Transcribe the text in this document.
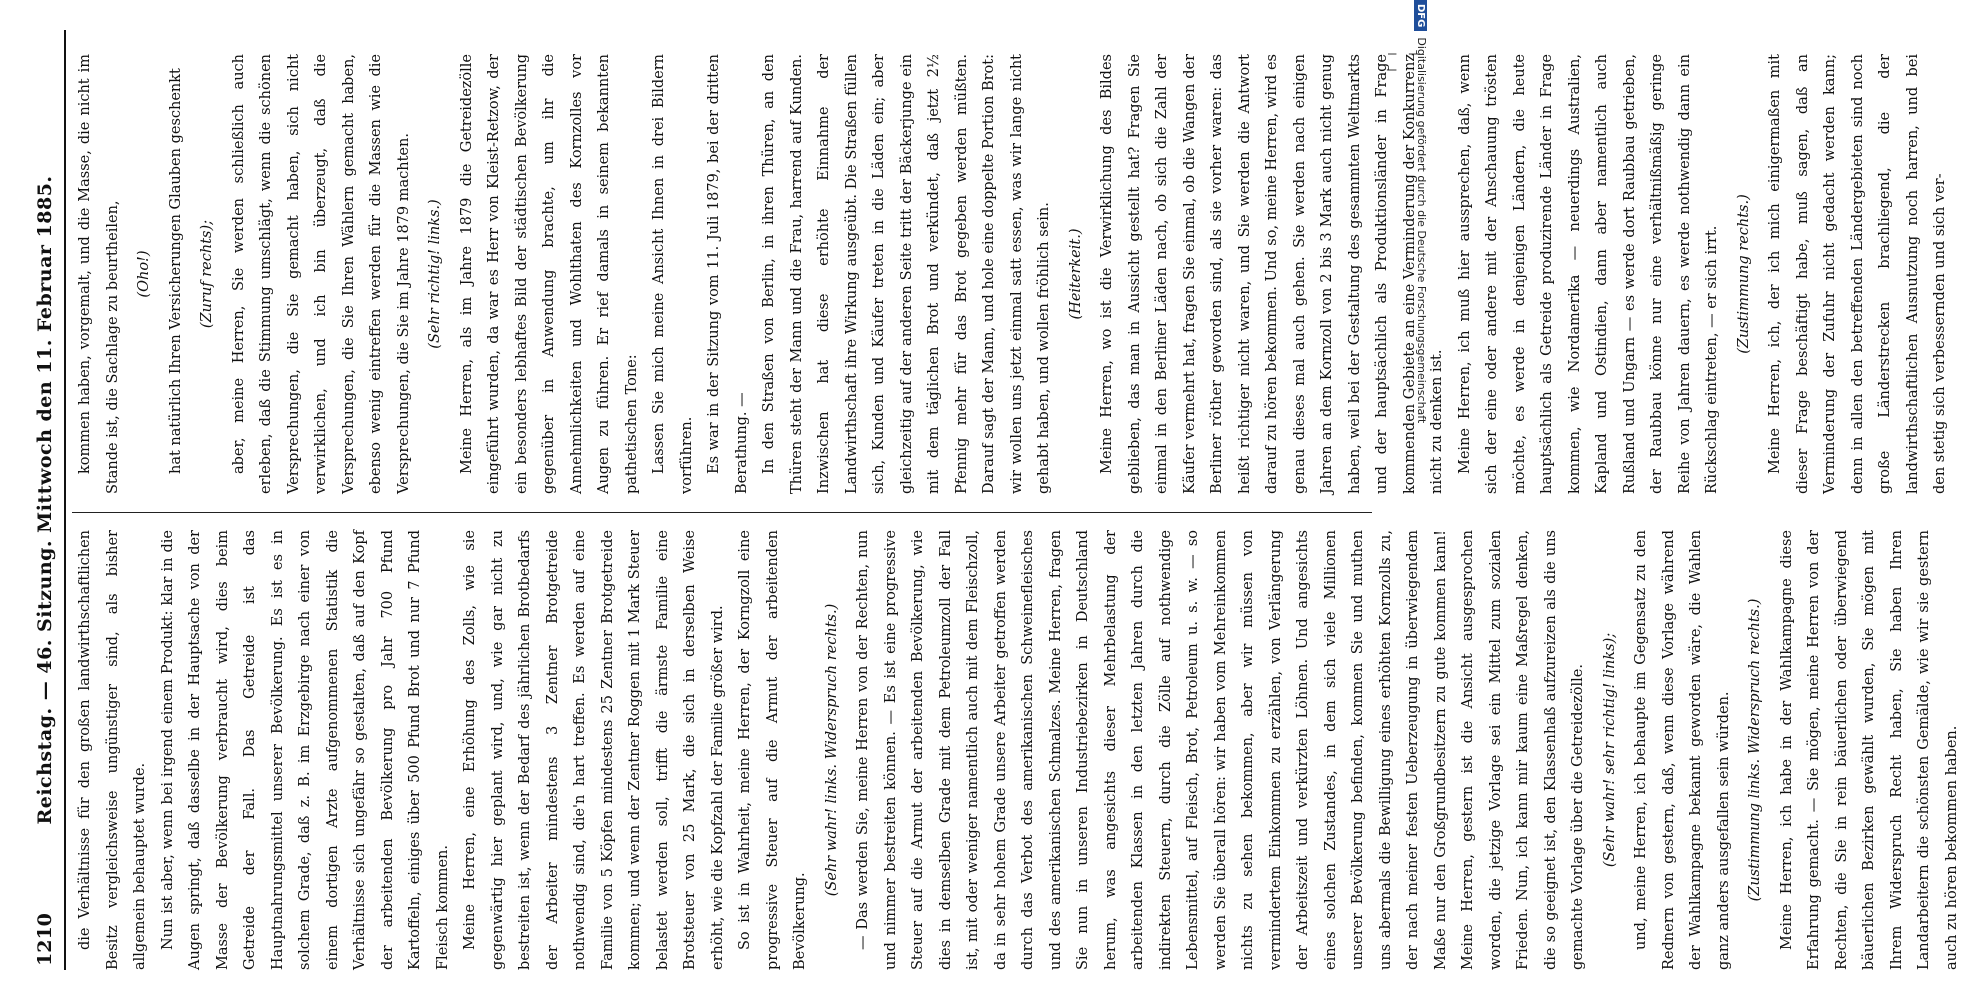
1210
Reichstag. — 46. Sitzung. Mittwoch den 11. Februar 1885.	die Verhältnisse für den großen landwirthschaftlichen Besitz vergleichsweise ungünstiger sind, als bisher allgemein behauptet wurde. Nun ist aber, wenn bei irgend einem Produkt: klar in die Augen springt, daß dasselbe in der Hauptsache von der Masse der Bevölkerung verbraucht wird, dies beim Getreide der Fall. Das Getreide ist das Hauptnahrungsmittel unserer Bevölkerung. Es ist es in solchem Grade, daß z. B. im Erzgebirge nach einer von einem dortigen Arzte aufgenommenen Statistik die Verhältnisse sich ungefähr so gestalten, daß auf den Kopf der arbeitenden Bevölkerung pro Jahr 700 Pfund Kartoffeln, einiges über 500 Pfund Brot und nur 7 Pfund Fleisch kommen. Meine Herren, eine Erhöhung des Zolls, wie sie gegenwärtig hier geplant wird, und, wie gar nicht zu bestreiten ist, wenn der Bedarf des jährlichen Brotbedarfs der Arbeiter mindestens 3 Zentner Brotgetreide nothwendig sind, die'n hart treffen. Es werden auf eine Familie von 5 Köpfen mindestens 25 Zentner Brotgetreide kommen; und wenn der Zentner Roggen mit 1 Mark Steuer belastet werden soll, trifft die ärmste Familie eine Brotsteuer von 25 Mark, die sich in derselben Weise erhöht, wie die Kopfzahl der Familie größer wird. So ist in Wahrheit, meine Herren, der Korngzoll eine progressive Steuer auf die Armut der arbeitenden Bevölkerung.

(Sehr wahr! links. Widerspruch rechts.)	— Das werden Sie, meine Herren von der Rechten, nun und nimmer bestreiten können. — Es ist eine progressive Steuer auf die Armut der arbeitenden Bevölkerung, wie dies in demselben Grade mit dem Petroleumzoll der Fall ist, mit oder weniger namentlich auch mit dem Fleischzoll, da in sehr hohem Grade unsere Arbeiter getroffen werden durch das Verbot des amerikanischen Schweinefleisches und des amerikanischen Schmalzes. Meine Herren, fragen Sie nun in unseren Industriebezirken in Deutschland herum, was angesichts dieser Mehrbelastung der arbeitenden Klassen in den letzten Jahren durch die indirekten Steuern, durch die Zölle auf nothwendige Lebensmittel, auf Fleisch, Brot, Petroleum u. s. w. — so werden Sie überall hören: wir haben vom Mehreinkommen nichts zu sehen bekommen, aber wir müssen von vermindertem Einkommen zu erzählen, von Verlängerung der Arbeitszeit und verkürzten Löhnen. Und angesichts eines solchen Zustandes, in dem sich viele Millionen unserer Bevölkerung befinden, kommen Sie und muthen uns abermals die Bewilligung eines erhöhten Kornzolls zu, der nach meiner festen Ueberzeugung in überwiegendem Maße nur den Großgrundbesitzern zu gute kommen kann! Meine Herren, gestern ist die Ansicht ausgesprochen worden, die jetzige Vorlage sei ein Mittel zum sozialen Frieden. Nun, ich kann mir kaum eine Maßregel denken, die so geeignet ist, den Klassenhaß aufzureizen als die uns gemachte Vorlage über die Getreidezölle.	(Sehr wahr! sehr richtig! links);	und, meine Herren, ich behaupte im Gegensatz zu den Rednern von gestern, daß, wenn diese Vorlage während der Wahlkampagne bekannt geworden wäre, die Wahlen ganz anders ausgefallen sein würden.	(Zustimmung links. Widerspruch rechts.)	Meine Herren, ich habe in der Wahlkampagne diese Erfahrung gemacht. — Sie mögen, meine Herren von der Rechten, die Sie in rein bäuerlichen oder überwiegend bäuerlichen Bezirken gewählt wurden, Sie mögen mit Ihrem Widerspruch Recht haben, Sie haben Ihren Landarbeitern die schönsten Gemälde, wie wir sie gestern auch zu hören bekommen haben.

kommen haben, vorgemalt, und die Masse, die nicht im Stande ist, die Sachlage zu beurtheilen,	(Oho!)	hat natürlich Ihren Versicherungen Glauben geschenkt	(Zuruf rechts);	aber, meine Herren, Sie werden schließlich auch erleben, daß die Stimmung umschlägt, wenn die schönen Versprechungen, die Sie gemacht haben, sich nicht verwirklichen, und ich bin überzeugt, daß die Versprechungen, die Sie Ihren Wählern gemacht haben, ebenso wenig eintreffen werden für die Massen wie die Versprechungen, die Sie im Jahre 1879 machten.	(Sehr richtig! links.)	Meine Herren, als im Jahre 1879 die Getreidezölle eingeführt wurden, da war es Herr von Kleist-Retzow, der ein besonders lebhaftes Bild der städtischen Bevölkerung gegenüber in Anwendung brachte, um ihr die Annehmlichkeiten und Wohlthaten des Kornzolles vor Augen zu führen. Er rief damals in seinem bekannten pathetischen Tone: Lassen Sie mich meine Ansicht Ihnen in drei Bildern vorführen. Es war in der Sitzung vom 11. Juli 1879, bei der dritten Berathung. — In den Straßen von Berlin, in ihren Thüren, an den Thüren steht der Mann und die Frau, harrend auf Kunden. Inzwischen hat diese erhöhte Einnahme der Landwirthschaft ihre Wirkung ausgeübt. Die Straßen füllen sich, Kunden und Käufer treten in die Läden ein; aber gleichzeitig auf der anderen Seite tritt der Bäckerjunge ein mit dem täglichen Brot und verkündet, daß jetzt 2½ Pfennig mehr für das Brot gegeben werden müßten. Darauf sagt der Mann, und hole eine doppelte Portion Brot: wir wollen uns jetzt einmal satt essen, was wir lange nicht gehabt haben, und wollen fröhlich sein.	(Heiterkeit.)	Meine Herren, wo ist die Verwirklichung des Bildes geblieben, das man in Aussicht gestellt hat? Fragen Sie einmal in den Berliner Läden nach, ob sich die Zahl der Käufer vermehrt hat, fragen Sie einmal, ob die Wangen der Berliner röther geworden sind, als sie vorher waren: das heißt richtiger nicht waren, und Sie werden die Antwort darauf zu hören bekommen. Und so, meine Herren, wird es genau dieses mal auch gehen. Sie werden nach einigen Jahren an dem Kornzoll von 2 bis 3 Mark auch nicht genug haben, weil bei der Gestaltung des gesammten Weltmarkts und der hauptsächlich als Produktionsländer in Frage kommenden Gebiete an eine Verminderung der Konkurrenz nicht zu denken ist. Meine Herren, ich muß hier aussprechen, daß, wenn sich der eine oder andere mit der Anschauung trösten möchte, es werde in denjenigen Ländern, die heute hauptsächlich als Getreide produzirende Länder in Frage kommen, wie Nordamerika — neuerdings Australien, Kapland und Ostindien, dann aber namentlich auch Rußland und Ungarn — es werde dort Raubbau getrieben, der Raubbau könne nur eine verhältnißmäßig geringe Reihe von Jahren dauern, es werde nothwendig dann ein Rückschlag eintreten, — er sich irrt.	(Zustimmung rechts.)	Meine Herren, ich, der ich mich einigermaßen mit dieser Frage beschäftigt habe, muß sagen, daß an Verminderung der Zufuhr nicht gedacht werden kann; denn in allen den betreffenden Ländergebieten sind noch große Länderstrecken brachliegend, die der landwirthschaftlichen Ausnutzung noch harren, und bei den stetig sich verbessernden und sich ver-

– – –
DFGDigitalisierung gefördert durch die Deutsche Forschungsgemeinschaft
